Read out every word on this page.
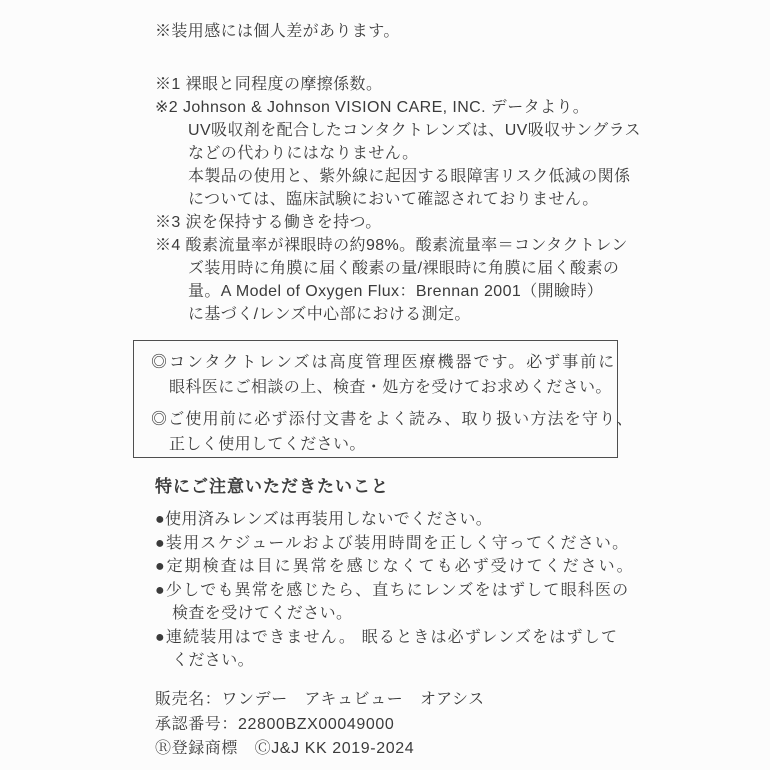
※装用感には個人差があります。
※1 裸眼と同程度の摩擦係数。
※2 Johnson & Johnson VISION CARE, INC. データより。
UV吸収剤を配合したコンタクトレンズは、UV吸収サングラス
などの代わりにはなりません。
本製品の使用と、紫外線に起因する眼障害リスク低減の関係
については、臨床試験において確認されておりません。
※3 涙を保持する働きを持つ。
※4 酸素流量率が裸眼時の約98%。酸素流量率＝コンタクトレン
ズ装用時に角膜に届く酸素の量/裸眼時に角膜に届く酸素の
量。A Model of Oxygen Flux：Brennan 2001（開瞼時）
に基づく/レンズ中心部における測定。
◎コンタクトレンズは高度管理医療機器です。必ず事前に
眼科医にご相談の上、検査・処方を受けてお求めください。
◎ご使用前に必ず添付文書をよく読み、取り扱い方法を守り、
正しく使用してください。
特にご注意いただきたいこと
●使用済みレンズは再装用しないでください。
●装用スケジュールおよび装用時間を正しく守ってください。
●定期検査は目に異常を感じなくても必ず受けてください。
●少しでも異常を感じたら、直ちにレンズをはずして眼科医の
検査を受けてください。
●連続装用はできません。 眠るときは必ずレンズをはずして
ください。
販売名：ワンデー　アキュビュー　オアシス
承認番号：22800BZX00049000
Ⓡ登録商標　ⒸJ&J KK 2019-2024
